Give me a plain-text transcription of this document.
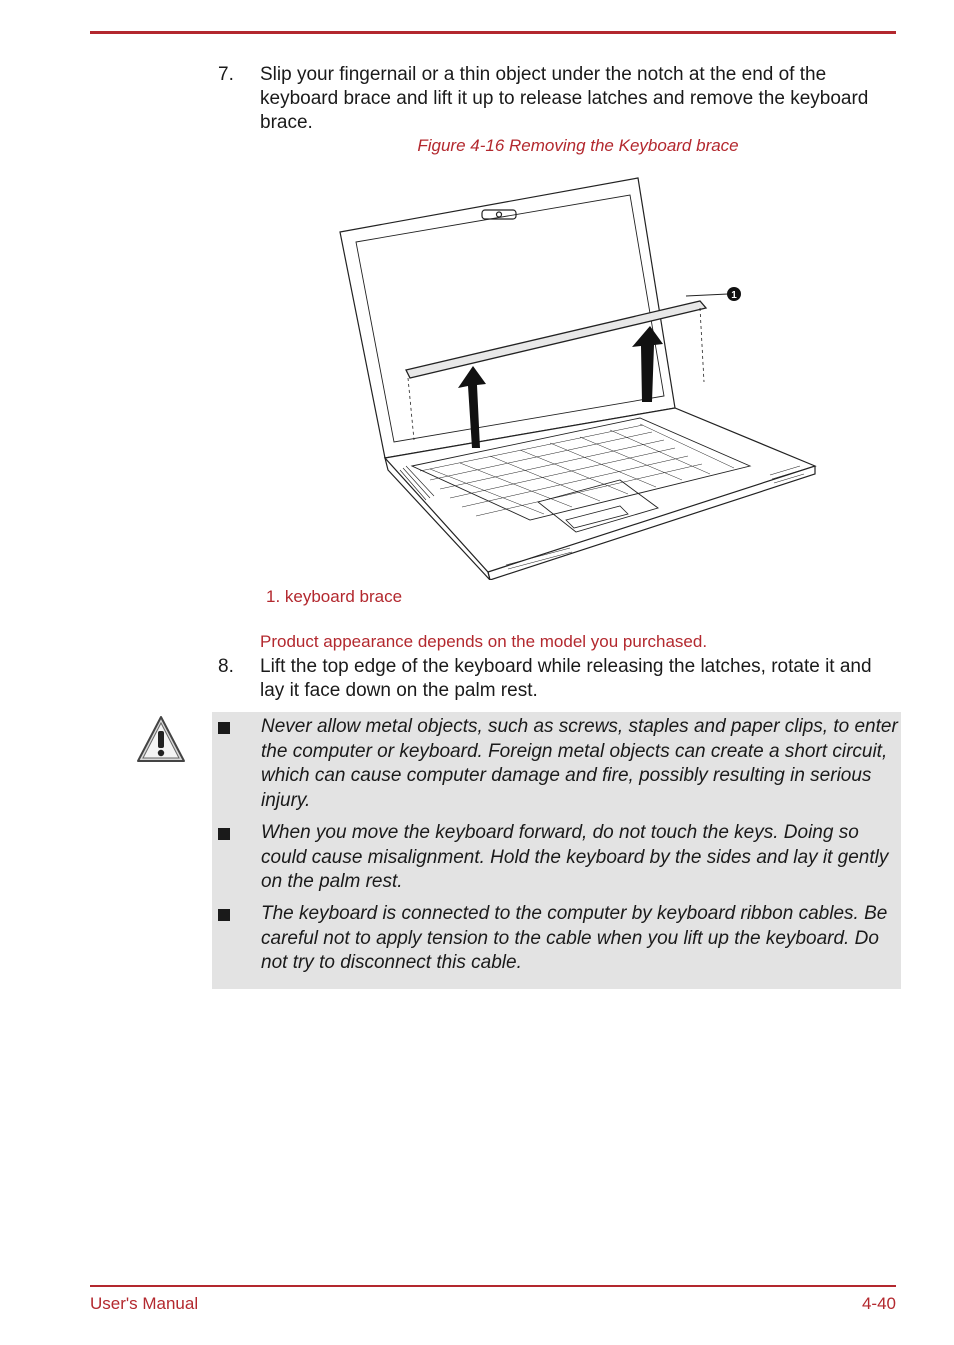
7. Slip your fingernail or a thin object under the notch at the end of the keyboard brace and lift it up to release latches and remove the keyboard brace.
Figure 4-16 Removing the Keyboard brace
1
1. keyboard brace
Product appearance depends on the model you purchased.
8. Lift the top edge of the keyboard while releasing the latches, rotate it and lay it face down on the palm rest.
Never allow metal objects, such as screws, staples and paper clips, to enter the computer or keyboard. Foreign metal objects can create a short circuit, which can cause computer damage and fire, possibly resulting in serious injury.
When you move the keyboard forward, do not touch the keys. Doing so could cause misalignment. Hold the keyboard by the sides and lay it gently on the palm rest.
The keyboard is connected to the computer by keyboard ribbon cables. Be careful not to apply tension to the cable when you lift up the keyboard. Do not try to disconnect this cable.
User's Manual	4-40
